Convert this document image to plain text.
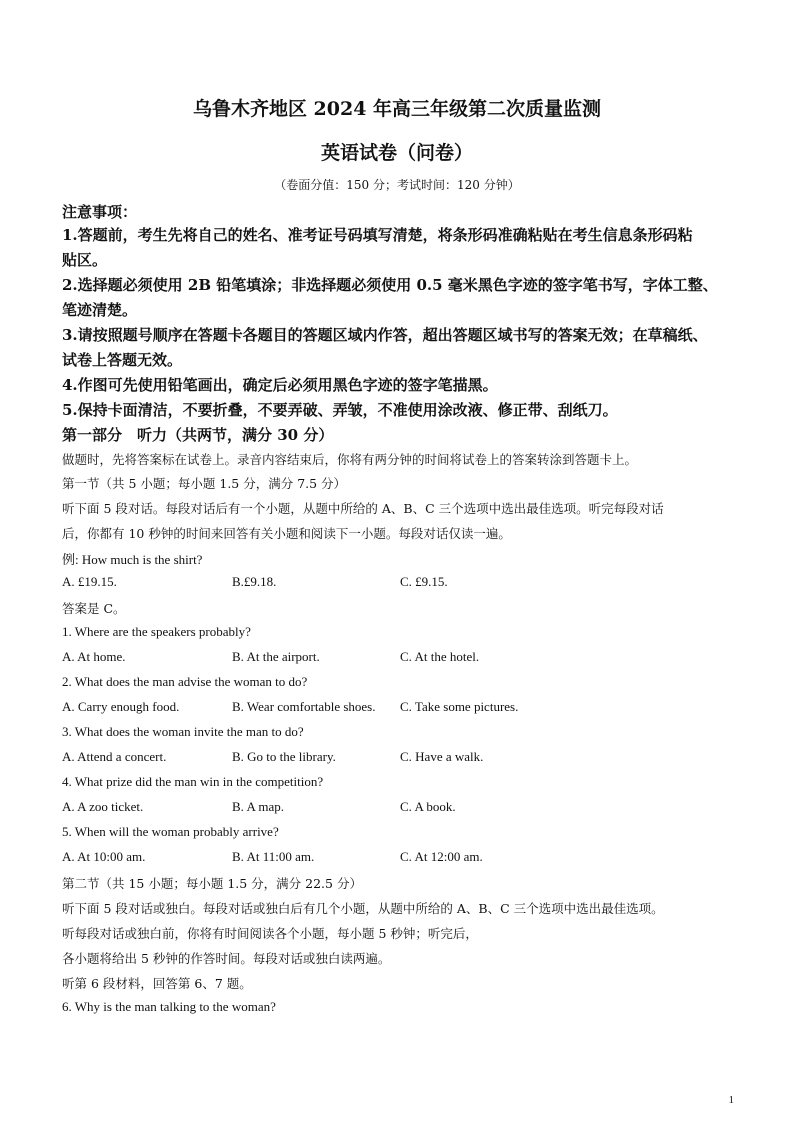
乌鲁木齐地区 2024 年高三年级第二次质量监测
英语试卷（问卷）
（卷面分值：150 分；考试时间：120 分钟）
注意事项：
1.答题前，考生先将自己的姓名、准考证号码填写清楚，将条形码准确粘贴在考生信息条形码粘
贴区。
2.选择题必须使用 2B 铅笔填涂；非选择题必须使用 0.5 毫米黑色字迹的签字笔书写，字体工整、
笔迹清楚。
3.请按照题号顺序在答题卡各题目的答题区域内作答，超出答题区域书写的答案无效；在草稿纸、
试卷上答题无效。
4.作图可先使用铅笔画出，确定后必须用黑色字迹的签字笔描黑。
5.保持卡面清洁，不要折叠，不要弄破、弄皱，不准使用涂改液、修正带、刮纸刀。
第一部分　听力（共两节，满分 30 分）
做题时，先将答案标在试卷上。录音内容结束后，你将有两分钟的时间将试卷上的答案转涂到答题卡上。
第一节（共 5 小题；每小题 1.5 分，满分 7.5 分）
听下面 5 段对话。每段对话后有一个小题，从题中所给的 A、B、C 三个选项中选出最佳选项。听完每段对话
后，你都有 10 秒钟的时间来回答有关小题和阅读下一小题。每段对话仅读一遍。
例: How much is the shirt?
A. £19.15.	B.£9.18.	C. £9.15.
答案是 C。
1. Where are the speakers probably?
A. At home.	B. At the airport.	C. At the hotel.
2. What does the man advise the woman to do?
A. Carry enough food.	B. Wear comfortable shoes. C. Take some pictures.
3. What does the woman invite the man to do?
A. Attend a concert.	B. Go to the library.	C. Have a walk.
4. What prize did the man win in the competition?
A. A zoo ticket.	B. A map.	C. A book.
5. When will the woman probably arrive?
A. At 10:00 am.	B. At 11:00 am.	C. At 12:00 am.
第二节（共 15 小题；每小题 1.5 分，满分 22.5 分）
听下面 5 段对话或独白。每段对话或独白后有几个小题，从题中所给的 A、B、C 三个选项中选出最佳选项。
听每段对话或独白前，你将有时间阅读各个小题，每小题 5 秒钟；听完后，
各小题将给出 5 秒钟的作答时间。每段对话或独白读两遍。
听第 6 段材料，回答第 6、7 题。
6. Why is the man talking to the woman?
1
